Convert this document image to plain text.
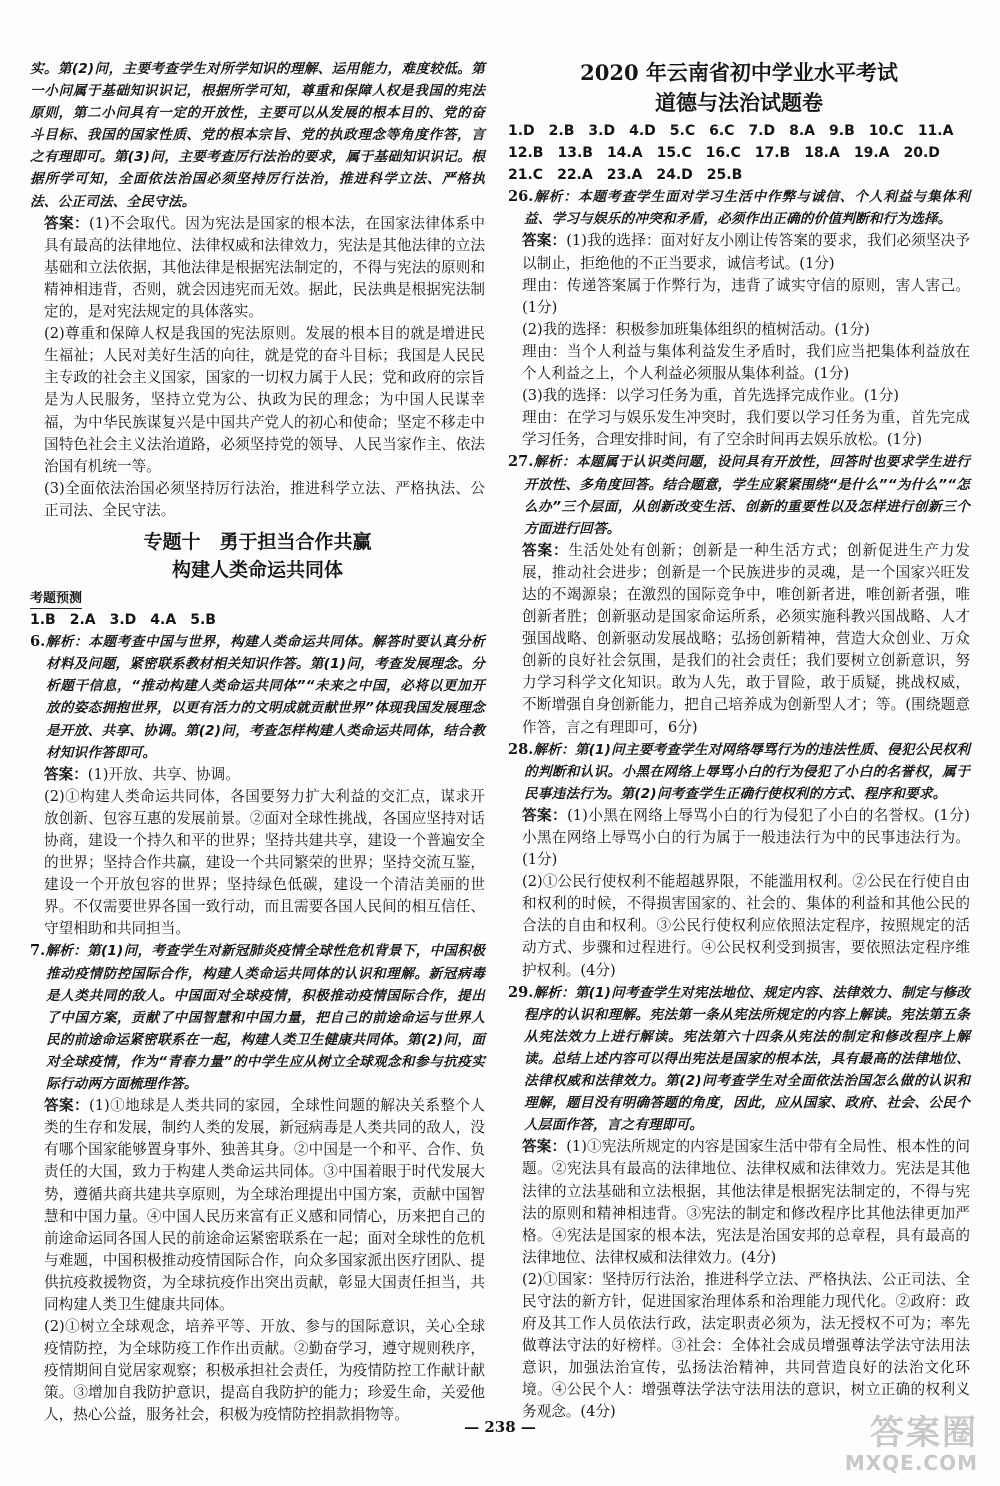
实。第(2)问，主要考查学生对所学知识的理解、运用能力，难度较低。第一小问属于基础知识识记，根据所学可知，尊重和保障人权是我国的宪法原则，第二小问具有一定的开放性，主要可以从发展的根本目的、党的奋斗目标、我国的国家性质、党的根本宗旨、党的执政理念等角度作答，言之有理即可。第(3)问，主要考查厉行法治的要求，属于基础知识识记。根据所学可知，全面依法治国必须坚持厉行法治，推进科学立法、严格执法、公正司法、全民守法。

答案：(1)不会取代。因为宪法是国家的根本法，在国家法律体系中具有最高的法律地位、法律权威和法律效力，宪法是其他法律的立法基础和立法依据，其他法律是根据宪法制定的，不得与宪法的原则和精神相违背，否则，就会因违宪而无效。据此，民法典是根据宪法制定的，是对宪法规定的具体落实。

(2)尊重和保障人权是我国的宪法原则。发展的根本目的就是增进民生福祉；人民对美好生活的向往，就是党的奋斗目标；我国是人民民主专政的社会主义国家，国家的一切权力属于人民；党和政府的宗旨是为人民服务，坚持立党为公、执政为民的理念；为中国人民谋幸福，为中华民族谋复兴是中国共产党人的初心和使命；坚定不移走中国特色社会主义法治道路，必须坚持党的领导、人民当家作主、依法治国有机统一等。

(3)全面依法治国必须坚持厉行法治，推进科学立法、严格执法、公正司法、全民守法。

专题十　勇于担当合作共赢
构建人类命运共同体
考题预测

1.B　2.A　3.D　4.A　5.B

6.解析：本题考查中国与世界，构建人类命运共同体。解答时要认真分析材料及问题，紧密联系教材相关知识作答。第(1)问，考查发展理念。分析题干信息，“推动构建人类命运共同体”“未来之中国，必将以更加开放的姿态拥抱世界，以更有活力的文明成就贡献世界”体现我国发展理念是开放、共享、协调。第(2)问，考查怎样构建人类命运共同体，结合教材知识作答即可。

答案：(1)开放、共享、协调。

(2)①构建人类命运共同体，各国要努力扩大利益的交汇点，谋求开放创新、包容互惠的发展前景。②面对全球性挑战，各国应坚持对话协商，建设一个持久和平的世界；坚持共建共享，建设一个普遍安全的世界；坚持合作共赢，建设一个共同繁荣的世界；坚持交流互鉴，建设一个开放包容的世界；坚持绿色低碳，建设一个清洁美丽的世界。不仅需要世界各国一致行动，而且需要各国人民间的相互信任、守望相助和共同担当。

7.解析：第(1)问，考查学生对新冠肺炎疫情全球性危机背景下，中国积极推动疫情防控国际合作，构建人类命运共同体的认识和理解。新冠病毒是人类共同的敌人。中国面对全球疫情，积极推动疫情国际合作，提出了中国方案，贡献了中国智慧和中国力量，把自己的前途命运与世界人民的前途命运紧密联系在一起，构建人类卫生健康共同体。第(2)问，面对全球疫情，作为“青春力量”的中学生应从树立全球观念和参与抗疫实际行动两方面梳理作答。

答案：(1)①地球是人类共同的家园，全球性问题的解决关系整个人类的生存和发展，制约人类的发展，新冠病毒是人类共同的敌人，没有哪个国家能够置身事外、独善其身。②中国是一个和平、合作、负责任的大国，致力于构建人类命运共同体。③中国着眼于时代发展大势，遵循共商共建共享原则，为全球治理提出中国方案，贡献中国智慧和中国力量。④中国人民历来富有正义感和同情心，历来把自己的前途命运同各国人民的前途命运紧密联系在一起；面对全球性的危机与难题，中国积极推动疫情国际合作，向众多国家派出医疗团队、提供抗疫救援物资，为全球抗疫作出突出贡献，彰显大国责任担当，共同构建人类卫生健康共同体。

(2)①树立全球观念，培养平等、开放、参与的国际意识，关心全球疫情防控，为全球防疫工作作出贡献。②勤奋学习，遵守规则秩序，疫情期间自觉居家观察；积极承担社会责任，为疫情防控工作献计献策。③增加自我防护意识，提高自我防护的能力；珍爱生命，关爱他人，热心公益，服务社会，积极为疫情防控捐款捐物等。

2020 年云南省初中学业水平考试
道德与法治试题卷

1.D　2.B　3.D　4.D　5.C　6.C　7.D　8.A　9.B　10.C　11.A

12.B　13.B　14.A　15.C　16.C　17.B　18.A　19.A　20.D

21.C　22.A　23.A　24.D　25.B

26.解析：本题考查学生面对学习生活中作弊与诚信、个人利益与集体利益、学习与娱乐的冲突和矛盾，必须作出正确的价值判断和行为选择。

答案：(1)我的选择：面对好友小刚让传答案的要求，我们必须坚决予以制止，拒绝他的不正当要求，诚信考试。(1分)

理由：传递答案属于作弊行为，违背了诚实守信的原则，害人害己。(1分)

(2)我的选择：积极参加班集体组织的植树活动。(1分)

理由：当个人利益与集体利益发生矛盾时，我们应当把集体利益放在个人利益之上，个人利益必须服从集体利益。(1分)

(3)我的选择：以学习任务为重，首先选择完成作业。(1分)

理由：在学习与娱乐发生冲突时，我们要以学习任务为重，首先完成学习任务，合理安排时间，有了空余时间再去娱乐放松。(1分)

27.解析：本题属于认识类问题，设问具有开放性，回答时也要求学生进行开放性、多角度回答。结合题意，学生应紧紧围绕“是什么”“为什么”“怎么办”三个层面，从创新改变生活、创新的重要性以及怎样进行创新三个方面进行回答。

答案：生活处处有创新；创新是一种生活方式；创新促进生产力发展，推动社会进步；创新是一个民族进步的灵魂，是一个国家兴旺发达的不竭源泉；在激烈的国际竞争中，唯创新者进，唯创新者强，唯创新者胜；创新驱动是国家命运所系，必须实施科教兴国战略、人才强国战略、创新驱动发展战略；弘扬创新精神，营造大众创业、万众创新的良好社会氛围，是我们的社会责任；我们要树立创新意识，努力学习科学文化知识。敢为人先，敢于冒险，敢于质疑，挑战权威，不断增强自身创新能力，把自己培养成为创新型人才；等。(围绕题意作答，言之有理即可，6分)

28.解析：第(1)问主要考查学生对网络辱骂行为的违法性质、侵犯公民权利的判断和认识。小黑在网络上辱骂小白的行为侵犯了小白的名誉权，属于民事违法行为。第(2)问考查学生正确行使权利的方式、程序和要求。

答案：(1)小黑在网络上辱骂小白的行为侵犯了小白的名誉权。(1分)小黑在网络上辱骂小白的行为属于一般违法行为中的民事违法行为。(1分)

(2)①公民行使权利不能超越界限，不能滥用权利。②公民在行使自由和权利的时候，不得损害国家的、社会的、集体的利益和其他公民的合法的自由和权利。③公民行使权利应依照法定程序，按照规定的活动方式、步骤和过程进行。④公民权利受到损害，要依照法定程序维护权利。(4分)

29.解析：第(1)问考查学生对宪法地位、规定内容、法律效力、制定与修改程序的认识和理解。宪法第一条从宪法所规定的内容上解读。宪法第五条从宪法效力上进行解读。宪法第六十四条从宪法的制定和修改程序上解读。总结上述内容可以得出宪法是国家的根本法，具有最高的法律地位、法律权威和法律效力。第(2)问考查学生对全面依法治国怎么做的认识和理解，题目没有明确答题的角度，因此，应从国家、政府、社会、公民个人层面作答，言之有理即可。

答案：(1)①宪法所规定的内容是国家生活中带有全局性、根本性的问题。②宪法具有最高的法律地位、法律权威和法律效力。宪法是其他法律的立法基础和立法根据，其他法律是根据宪法制定的，不得与宪法的原则和精神相违背。③宪法的制定和修改程序比其他法律更加严格。④宪法是国家的根本法，宪法是治国安邦的总章程，具有最高的法律地位、法律权威和法律效力。(4分)

(2)①国家：坚持厉行法治，推进科学立法、严格执法、公正司法、全民守法的新方针，促进国家治理体系和治理能力现代化。②政府：政府及其工作人员依法行政，法定职责必须为，法无授权不可为；率先做尊法守法的好榜样。③社会：全体社会成员增强尊法学法守法用法意识，加强法治宣传，弘扬法治精神，共同营造良好的法治文化环境。④公民个人：增强尊法学法守法用法的意识，树立正确的权利义务观念。(4分)

— 238 —	答案圈
MXQE.COM
